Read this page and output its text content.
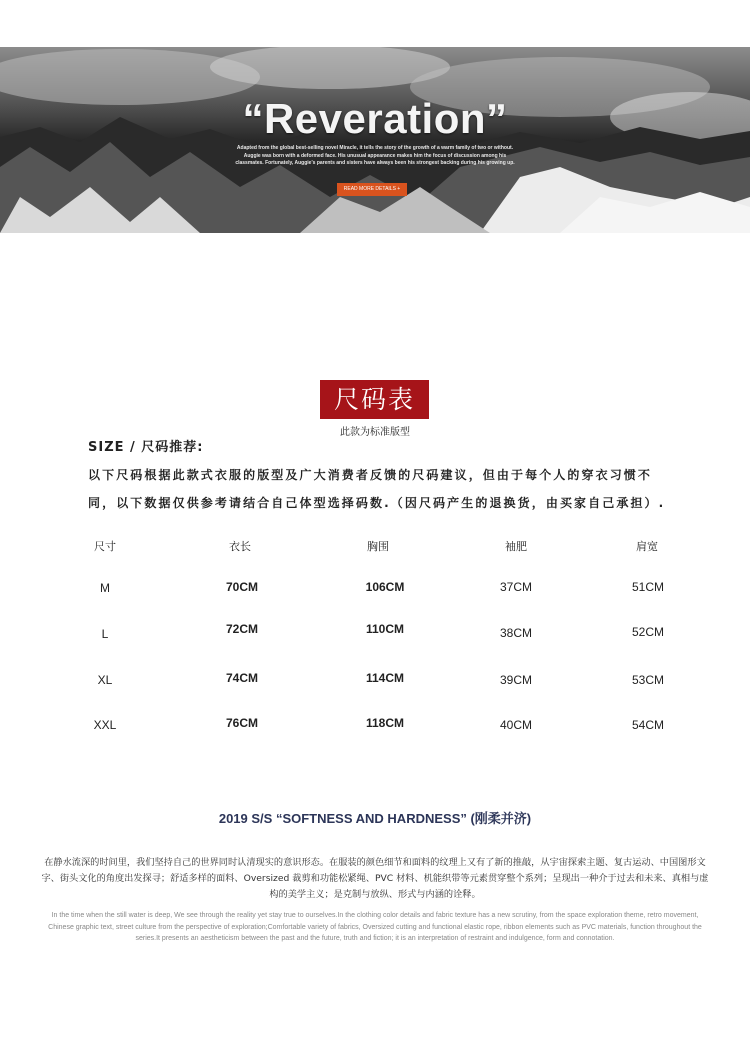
“Reveration”
Adapted from the global best-selling novel Miracle, it tells the story of the growth of a warm family of two or without. Auggie was born with a deformed face. His unusual appearance makes him the focus of discussion among his classmates. Fortunately, Auggie's parents and sisters have always been his strongest backing during his growing up.
READ MORE DETAILS +
尺码表
此款为标准版型
SIZE / 尺码推荐:
以下尺码根据此款式衣服的版型及广大消费者反馈的尺码建议，但由于每个人的穿衣习惯不
同，以下数据仅供参考请结合自己体型选择码数.（因尺码产生的退换货，由买家自己承担）.
尺寸	衣长	胸围	袖肥	肩宽
M	70CM	106CM	37CM	51CM
L	72CM	110CM	38CM	52CM
XL	74CM	114CM	39CM	53CM
XXL	76CM	118CM	40CM	54CM
2019 S/S “SOFTNESS AND HARDNESS” (刚柔并济)
在静水流深的时间里，我们坚持自己的世界同时认清现实的意识形态。在服装的颜色细节和面料的纹理上又有了新的推敲，从宇宙探索主题、复古运动、中国图形文字、街头文化的角度出发探寻；舒适多样的面料、Oversized 裁剪和功能松紧绳、PVC 材料、机能织带等元素贯穿整个系列；呈现出一种介于过去和未来、真相与虚构的美学主义；是克制与放纵、形式与内涵的诠释。
In the time when the still water is deep, We see through the reality yet stay true to ourselves.In the clothing color details and fabric texture has a new scrutiny, from the space exploration theme, retro movement, Chinese graphic text, street culture from the perspective of exploration;Comfortable variety of fabrics, Oversized cutting and functional elastic rope, ribbon elements such as PVC materials, function throughout the series.It presents an aestheticism between the past and the future, truth and fiction; it is an interpretation of restraint and indulgence, form and connotation.
